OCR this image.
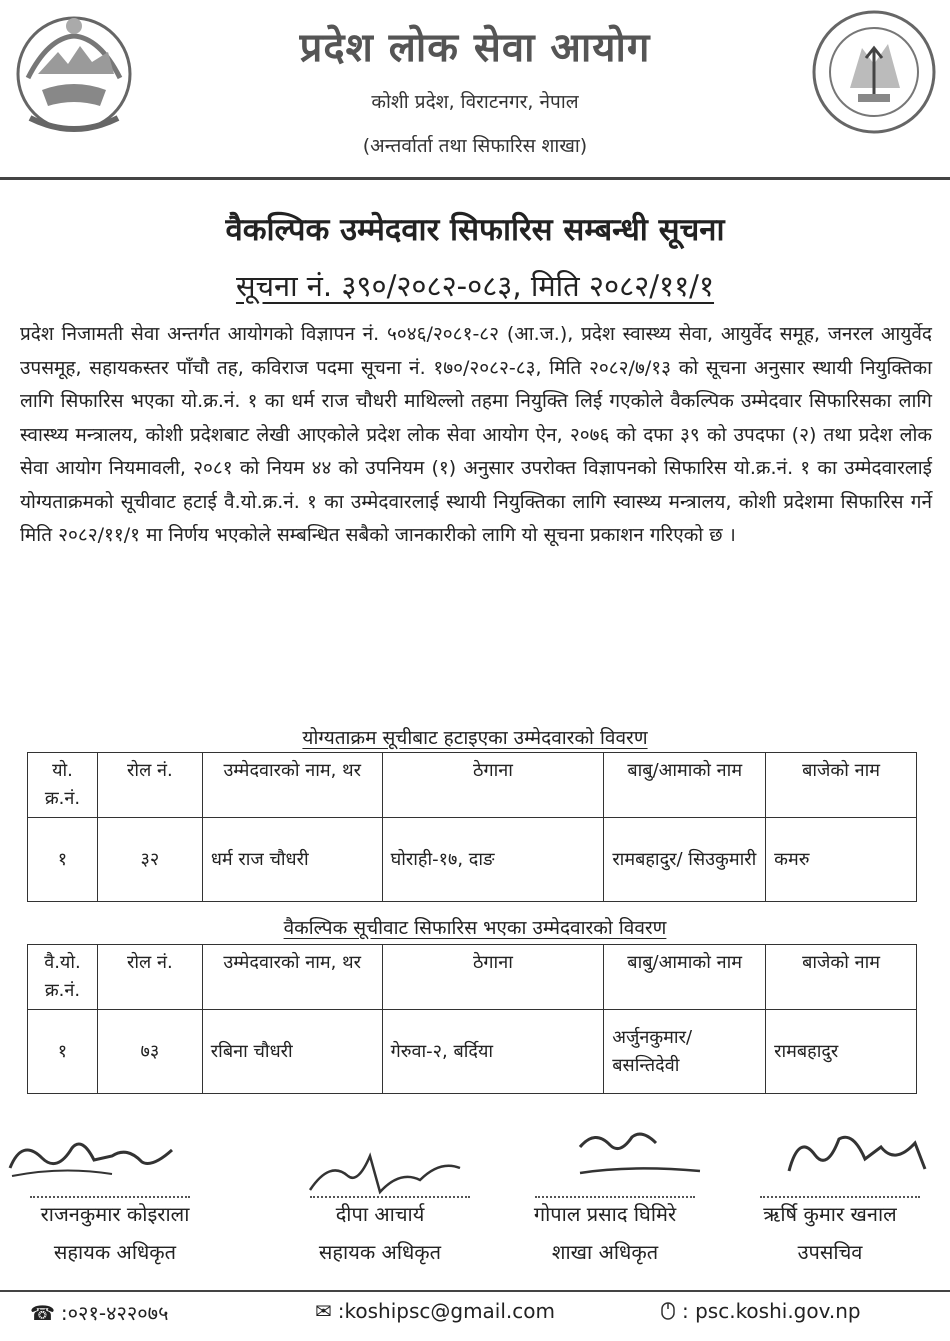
प्रदेश लोक सेवा आयोग
कोशी प्रदेश, विराटनगर, नेपाल
(अन्तर्वार्ता तथा सिफारिस शाखा)
वैकल्पिक उम्मेदवार सिफारिस सम्बन्धी सूचना
सूचना नं. ३९०/२०८२-०८३, मिति २०८२/११/१
प्रदेश निजामती सेवा अन्तर्गत आयोगको विज्ञापन नं. ५०४६/२०८१-८२ (आ.ज.), प्रदेश स्वास्थ्य सेवा, आयुर्वेद समूह, जनरल आयुर्वेद उपसमूह, सहायकस्तर पाँचौ तह, कविराज पदमा सूचना नं. १७०/२०८२-८३, मिति २०८२/७/१३ को सूचना अनुसार स्थायी नियुक्तिका लागि सिफारिस भएका यो.क्र.नं. १ का धर्म राज चौधरी माथिल्लो तहमा नियुक्ति लिई गएकोले वैकल्पिक उम्मेदवार सिफारिसका लागि स्वास्थ्य मन्त्रालय, कोशी प्रदेशबाट लेखी आएकोले प्रदेश लोक सेवा आयोग ऐन, २०७६ को दफा ३९ को उपदफा (२) तथा प्रदेश लोक सेवा आयोग नियमावली, २०८१ को नियम ४४ को उपनियम (१) अनुसार उपरोक्त विज्ञापनको सिफारिस यो.क्र.नं. १ का उम्मेदवारलाई योग्यताक्रमको सूचीवाट हटाई वै.यो.क्र.नं. १ का उम्मेदवारलाई स्थायी नियुक्तिका लागि स्वास्थ्य मन्त्रालय, कोशी प्रदेशमा सिफारिस गर्ने मिति २०८२/११/१ मा निर्णय भएकोले सम्बन्धित सबैको जानकारीको लागि यो सूचना प्रकाशन गरिएको छ ।
योग्यताक्रम सूचीबाट हटाइएका उम्मेदवारको विवरण
यो. क्र.नं.	रोल नं.	उम्मेदवारको नाम, थर	ठेगाना	बाबु/आमाको नाम	बाजेको नाम
१	३२	धर्म राज चौधरी	घोराही-१७, दाङ	रामबहादुर/ सिउकुमारी	कमरु
वैकल्पिक सूचीवाट सिफारिस भएका उम्मेदवारको विवरण
वै.यो. क्र.नं.	रोल नं.	उम्मेदवारको नाम, थर	ठेगाना	बाबु/आमाको नाम	बाजेको नाम
१	७३	रबिना चौधरी	गेरुवा-२, बर्दिया	अर्जुनकुमार/ बसन्तिदेवी	रामबहादुर
राजनकुमार कोइराला
सहायक अधिकृत
दीपा आचार्य
सहायक अधिकृत
गोपाल प्रसाद घिमिरे
शाखा अधिकृत
ऋर्षि कुमार खनाल
उपसचिव
☎ :०२१-४२२०७५	✉ :koshipsc@gmail.com	: psc.koshi.gov.np
